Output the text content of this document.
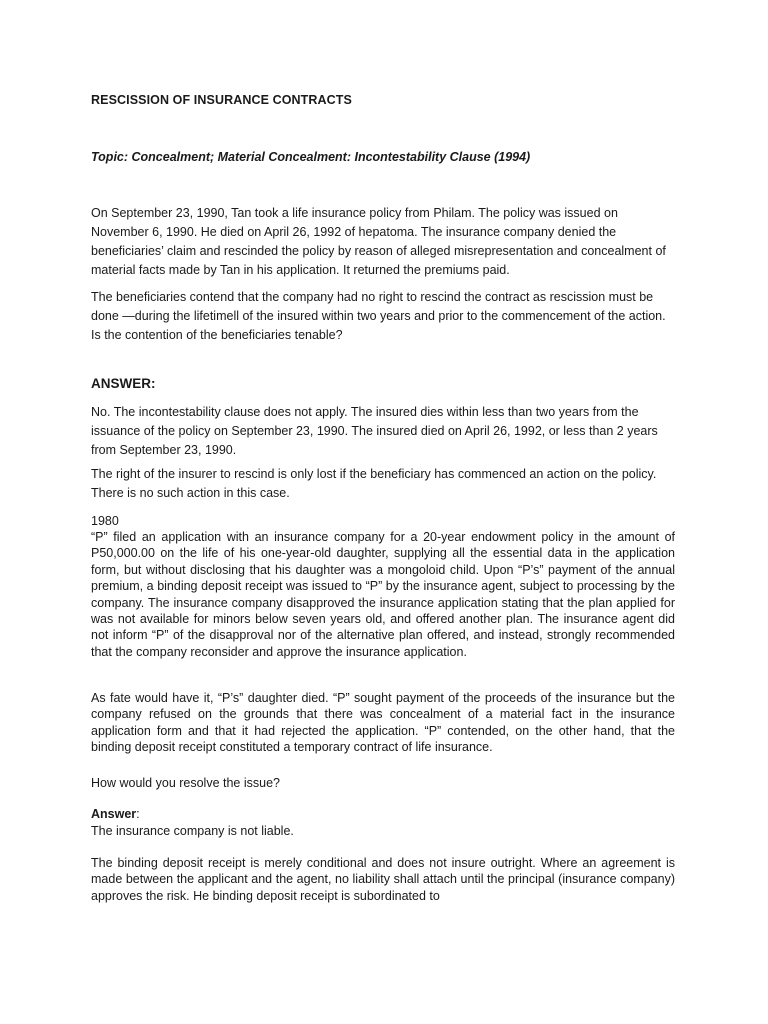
RESCISSION OF INSURANCE CONTRACTS
Topic: Concealment; Material Concealment: Incontestability Clause (1994)

On September 23, 1990, Tan took a life insurance policy from Philam. The policy was issued on November 6, 1990. He died on April 26, 1992 of hepatoma. The insurance company denied the beneficiaries’ claim and rescinded the policy by reason of alleged misrepresentation and concealment of material facts made by Tan in his application. It returned the premiums paid.

The beneficiaries contend that the company had no right to rescind the contract as rescission must be done —during the lifetimell of the insured within two years and prior to the commencement of the action. Is the contention of the beneficiaries tenable?

ANSWER:

No. The incontestability clause does not apply. The insured dies within less than two years from the issuance of the policy on September 23, 1990. The insured died on April 26, 1992, or less than 2 years from September 23, 1990.

The right of the insurer to rescind is only lost if the beneficiary has commenced an action on the policy. There is no such action in this case.

1980

“P” filed an application with an insurance company for a 20-year endowment policy in the amount of P50,000.00 on the life of his one-year-old daughter, supplying all the essential data in the application form, but without disclosing that his daughter was a mongoloid child. Upon “P’s” payment of the annual premium, a binding deposit receipt was issued to “P” by the insurance agent, subject to processing by the company. The insurance company disapproved the insurance application stating that the plan applied for was not available for minors below seven years old, and offered another plan. The insurance agent did not inform “P” of the disapproval nor of the alternative plan offered, and instead, strongly recommended that the company reconsider and approve the insurance application.

As fate would have it, “P’s” daughter died. “P” sought payment of the proceeds of the insurance but the company refused on the grounds that there was concealment of a material fact in the insurance application form and that it had rejected the application. “P” contended, on the other hand, that the binding deposit receipt constituted a temporary contract of life insurance.

How would you resolve the issue?

Answer:
The insurance company is not liable.

The binding deposit receipt is merely conditional and does not insure outright. Where an agreement is made between the applicant and the agent, no liability shall attach until the principal (insurance company) approves the risk. He binding deposit receipt is subordinated to
